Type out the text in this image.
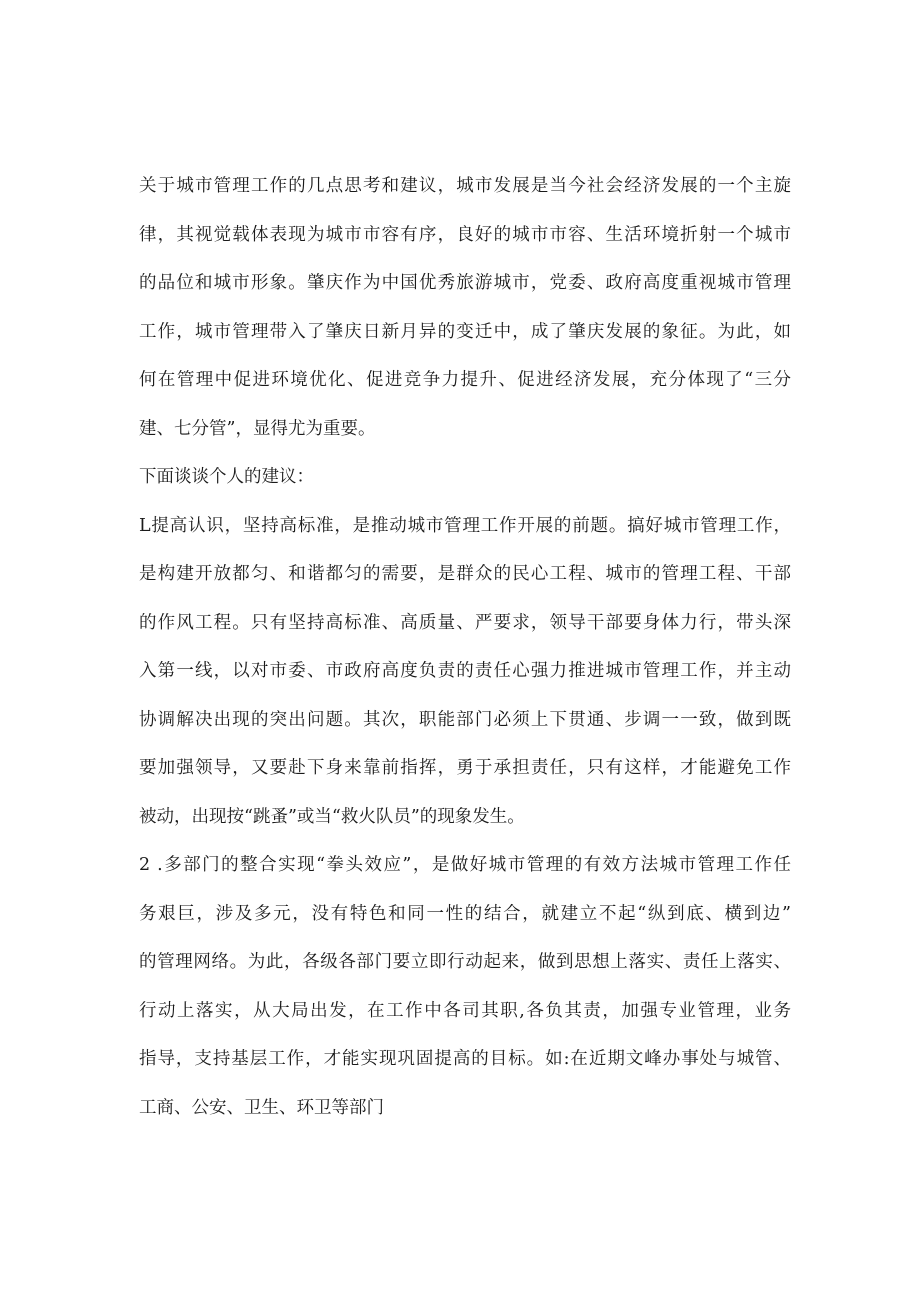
关于城市管理工作的几点思考和建议，城市发展是当今社会经济发展的一个主旋
律，其视觉载体表现为城市市容有序，良好的城市市容、生活环境折射一个城市
的品位和城市形象。肇庆作为中国优秀旅游城市，党委、政府高度重视城市管理
工作，城市管理带入了肇庆日新月异的变迁中，成了肇庆发展的象征。为此，如
何在管理中促进环境优化、促进竞争力提升、促进经济发展，充分体现了“三分
建、七分管”，显得尤为重要。
下面谈谈个人的建议：
L提高认识，坚持高标准，是推动城市管理工作开展的前题。搞好城市管理工作，
是构建开放都匀、和谐都匀的需要，是群众的民心工程、城市的管理工程、干部
的作风工程。只有坚持高标准、高质量、严要求，领导干部要身体力行，带头深
入第一线，以对市委、市政府高度负责的责任心强力推进城市管理工作，并主动
协调解决出现的突出问题。其次，职能部门必须上下贯通、步调一一致，做到既
要加强领导，又要赴下身来靠前指挥，勇于承担责任，只有这样，才能避免工作
被动，出现按“跳蚤”或当“救火队员”的现象发生。
2 .多部门的整合实现“拳头效应”，是做好城市管理的有效方法城市管理工作任
务艰巨，涉及多元，没有特色和同一性的结合，就建立不起“纵到底、横到边”
的管理网络。为此，各级各部门要立即行动起来，做到思想上落实、责任上落实、
行动上落实，从大局出发，在工作中各司其职,各负其责，加强专业管理，业务
指导，支持基层工作，才能实现巩固提高的目标。如:在近期文峰办事处与城管、
工商、公安、卫生、环卫等部门
